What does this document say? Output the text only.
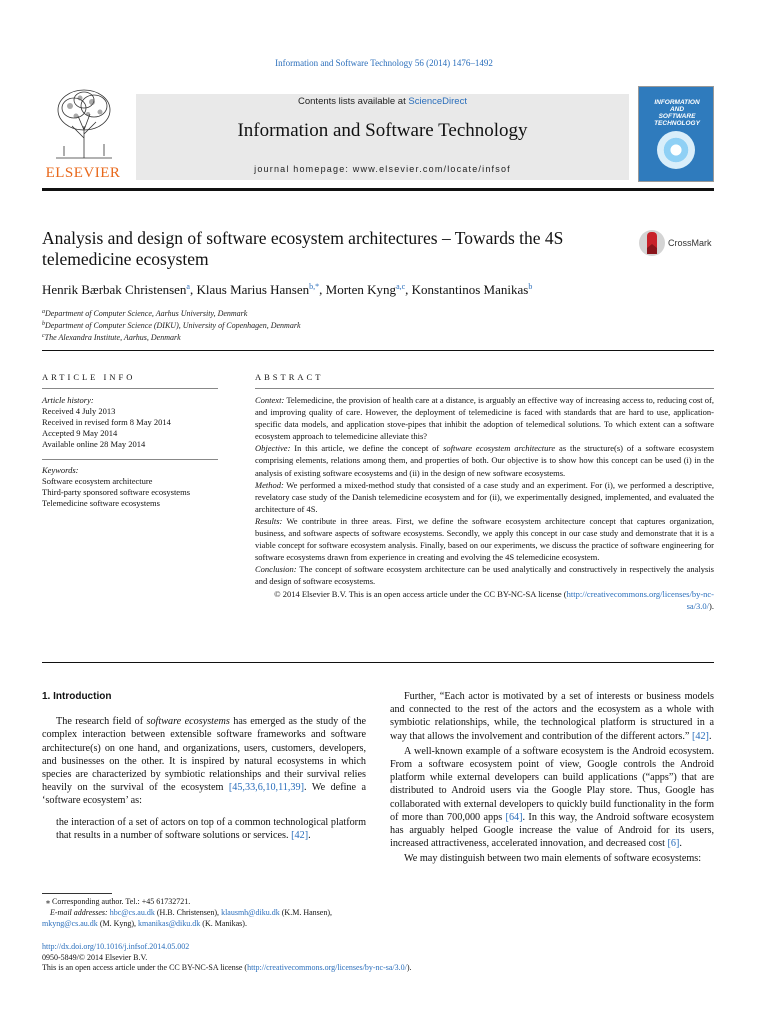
Information and Software Technology 56 (2014) 1476–1492
ELSEVIER
Contents lists available at ScienceDirect
Information and Software Technology
journal homepage: www.elsevier.com/locate/infsof
INFORMATION
AND
SOFTWARE
TECHNOLOGY
Analysis and design of software ecosystem architectures – Towards the 4S telemedicine ecosystem
CrossMark
Henrik Bærbak Christensen$^a$, Klaus Marius Hansen$^{b,*}$, Morten Kyng$^{a,c}$, Konstantinos Manikas$^b$
$^a$Department of Computer Science, Aarhus University, Denmark
$^b$Department of Computer Science (DIKU), University of Copenhagen, Denmark
$^c$The Alexandra Institute, Aarhus, Denmark
ARTICLE INFO	ABSTRACT
Article history:
Received 4 July 2013
Received in revised form 8 May 2014
Accepted 9 May 2014
Available online 28 May 2014
Keywords:
Software ecosystem architecture
Third-party sponsored software ecosystems
Telemedicine software ecosystems

Context: Telemedicine, the provision of health care at a distance, is arguably an effective way of increasing access to, reducing cost of, and improving quality of care. However, the deployment of telemedicine is faced with standards that are hard to use, application-specific data models, and application stove-pipes that inhibit the adoption of telemedical solutions. To which extent can a software ecosystem approach to telemedicine alleviate this?

Objective: In this article, we define the concept of software ecosystem architecture as the structure(s) of a software ecosystem comprising elements, relations among them, and properties of both. Our objective is to show how this concept can be used (i) in the analysis of existing software ecosystems and (ii) in the design of new software ecosystems.

Method: We performed a mixed-method study that consisted of a case study and an experiment. For (i), we performed a descriptive, revelatory case study of the Danish telemedicine ecosystem and for (ii), we experimentally designed, implemented, and evaluated the architecture of 4S.

Results: We contribute in three areas. First, we define the software ecosystem architecture concept that captures organization, business, and software aspects of software ecosystems. Secondly, we apply this concept in our case study and demonstrate that it is a viable concept for software ecosystem analysis. Finally, based on our experiments, we discuss the practice of software engineering for software ecosystems drawn from experience in creating and evolving the 4S telemedicine ecosystem.

Conclusion: The concept of software ecosystem architecture can be used analytically and constructively in respectively the analysis and design of software ecosystems.

© 2014 Elsevier B.V. This is an open access article under the CC BY-NC-SA license (http://creativecommons.org/licenses/by-nc-sa/3.0/).

1. Introduction

The research field of software ecosystems has emerged as the study of the complex interaction between extensible software frameworks and software architecture(s) on one hand, and organizations, users, customers, developers, and businesses on the other. It is inspired by natural ecosystems in which species are characterized by symbiotic relationships and their survival relies heavily on the survival of the ecosystem [45,33,6,10,11,39]. We define a ‘software ecosystem’ as:

the interaction of a set of actors on top of a common technological platform that results in a number of software solutions or services. [42].

Further, “Each actor is motivated by a set of interests or business models and connected to the rest of the actors and the ecosystem as a whole with symbiotic relationships, while, the technological platform is structured in a way that allows the involvement and contribution of the different actors.” [42].

A well-known example of a software ecosystem is the Android ecosystem. From a software ecosystem point of view, Google controls the Android platform while external developers can build applications (“apps”) that are distributed to Android users via the Google Play store. Thus, Google has collaborated with external developers to quickly build functionality in the form of more than 700,000 apps [64]. In this way, the Android software ecosystem has arguably helped Google increase the value of Android for its users, increased attractiveness, accelerated innovation, and decreased cost [6].

We may distinguish between two main elements of software ecosystems:

⁎ Corresponding author. Tel.: +45 61732721.
E-mail addresses: hbc@cs.au.dk (H.B. Christensen), klausmh@diku.dk (K.M. Hansen),
mkyng@cs.au.dk (M. Kyng), kmanikas@diku.dk (K. Manikas).
http://dx.doi.org/10.1016/j.infsof.2014.05.002
0950-5849/© 2014 Elsevier B.V.
This is an open access article under the CC BY-NC-SA license (http://creativecommons.org/licenses/by-nc-sa/3.0/).
